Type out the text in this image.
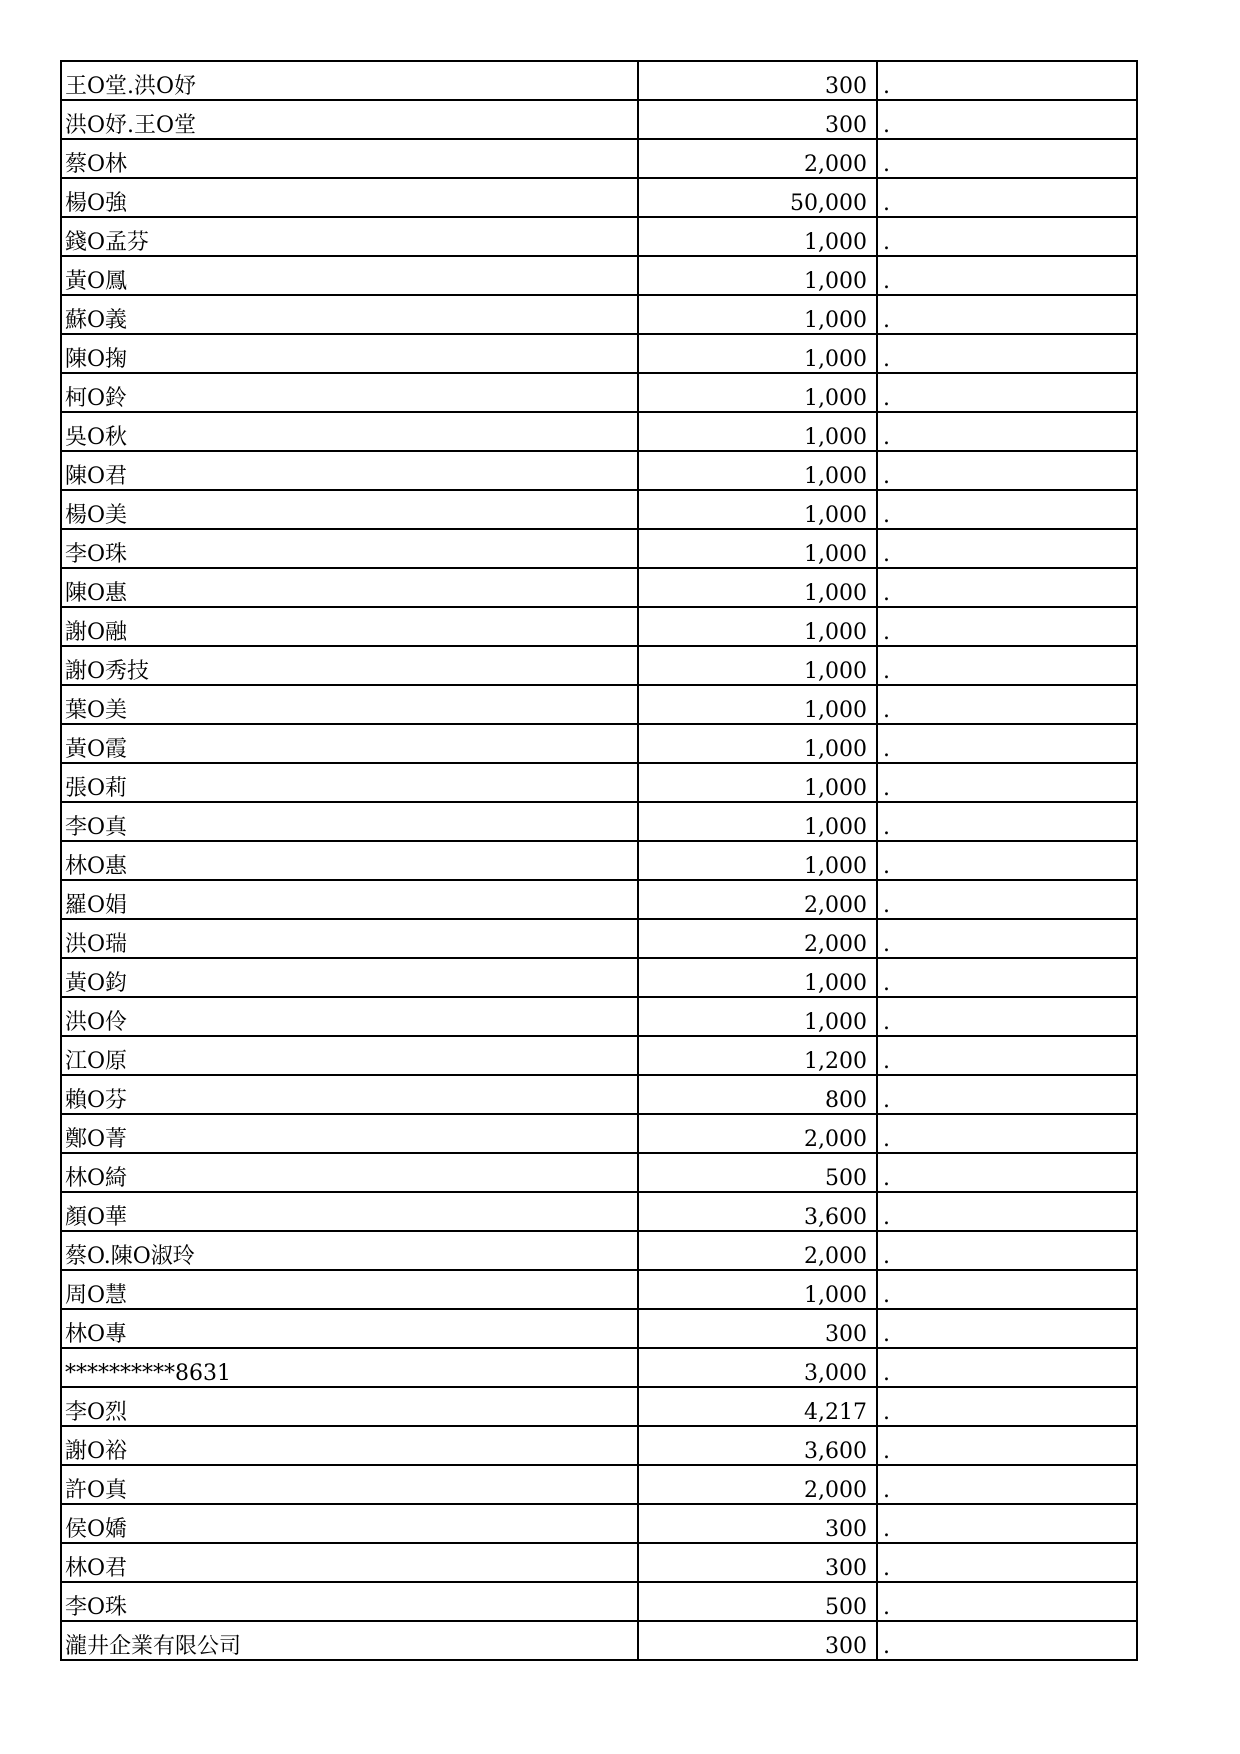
王O堂.洪O妤	300	.
洪O妤.王O堂	300	.
蔡O林	2,000	.
楊O強	50,000	.
錢O孟芬	1,000	.
黃O鳳	1,000	.
蘇O義	1,000	.
陳O掬	1,000	.
柯O鈴	1,000	.
吳O秋	1,000	.
陳O君	1,000	.
楊O美	1,000	.
李O珠	1,000	.
陳O惠	1,000	.
謝O融	1,000	.
謝O秀技	1,000	.
葉O美	1,000	.
黃O霞	1,000	.
張O莉	1,000	.
李O真	1,000	.
林O惠	1,000	.
羅O娟	2,000	.
洪O瑞	2,000	.
黃O鈞	1,000	.
洪O伶	1,000	.
江O原	1,200	.
賴O芬	800	.
鄭O菁	2,000	.
林O綺	500	.
顏O華	3,600	.
蔡O.陳O淑玲	2,000	.
周O慧	1,000	.
林O專	300	.
**********8631	3,000	.
李O烈	4,217	.
謝O裕	3,600	.
許O真	2,000	.
侯O嬌	300	.
林O君	300	.
李O珠	500	.
瀧井企業有限公司	300	.
